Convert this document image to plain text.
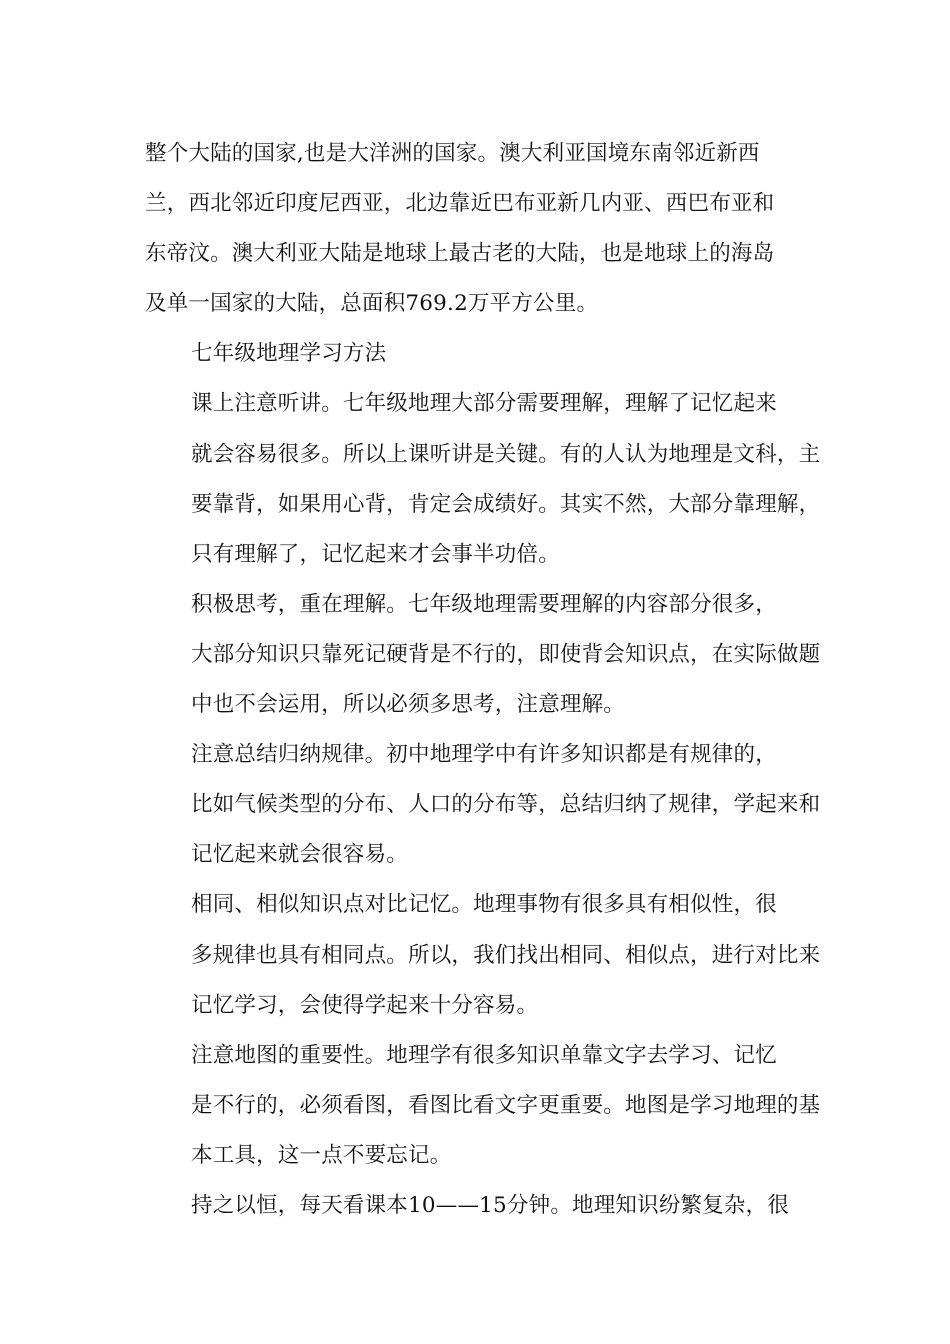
整个大陆的国家,也是大洋洲的国家。澳大利亚国境东南邻近新西
兰，西北邻近印度尼西亚，北边靠近巴布亚新几内亚、西巴布亚和
东帝汶。澳大利亚大陆是地球上最古老的大陆，也是地球上的海岛
及单一国家的大陆，总面积769.2万平方公里。

七年级地理学习方法

课上注意听讲。七年级地理大部分需要理解，理解了记忆起来
就会容易很多。所以上课听讲是关键。有的人认为地理是文科，主
要靠背，如果用心背，肯定会成绩好。其实不然，大部分靠理解，
只有理解了，记忆起来才会事半功倍。

积极思考，重在理解。七年级地理需要理解的内容部分很多，
大部分知识只靠死记硬背是不行的，即使背会知识点，在实际做题
中也不会运用，所以必须多思考，注意理解。

注意总结归纳规律。初中地理学中有许多知识都是有规律的，
比如气候类型的分布、人口的分布等，总结归纳了规律，学起来和
记忆起来就会很容易。

相同、相似知识点对比记忆。地理事物有很多具有相似性，很
多规律也具有相同点。所以，我们找出相同、相似点，进行对比来
记忆学习，会使得学起来十分容易。

注意地图的重要性。地理学有很多知识单靠文字去学习、记忆
是不行的，必须看图，看图比看文字更重要。地图是学习地理的基
本工具，这一点不要忘记。

持之以恒，每天看课本10——15分钟。地理知识纷繁复杂，很
